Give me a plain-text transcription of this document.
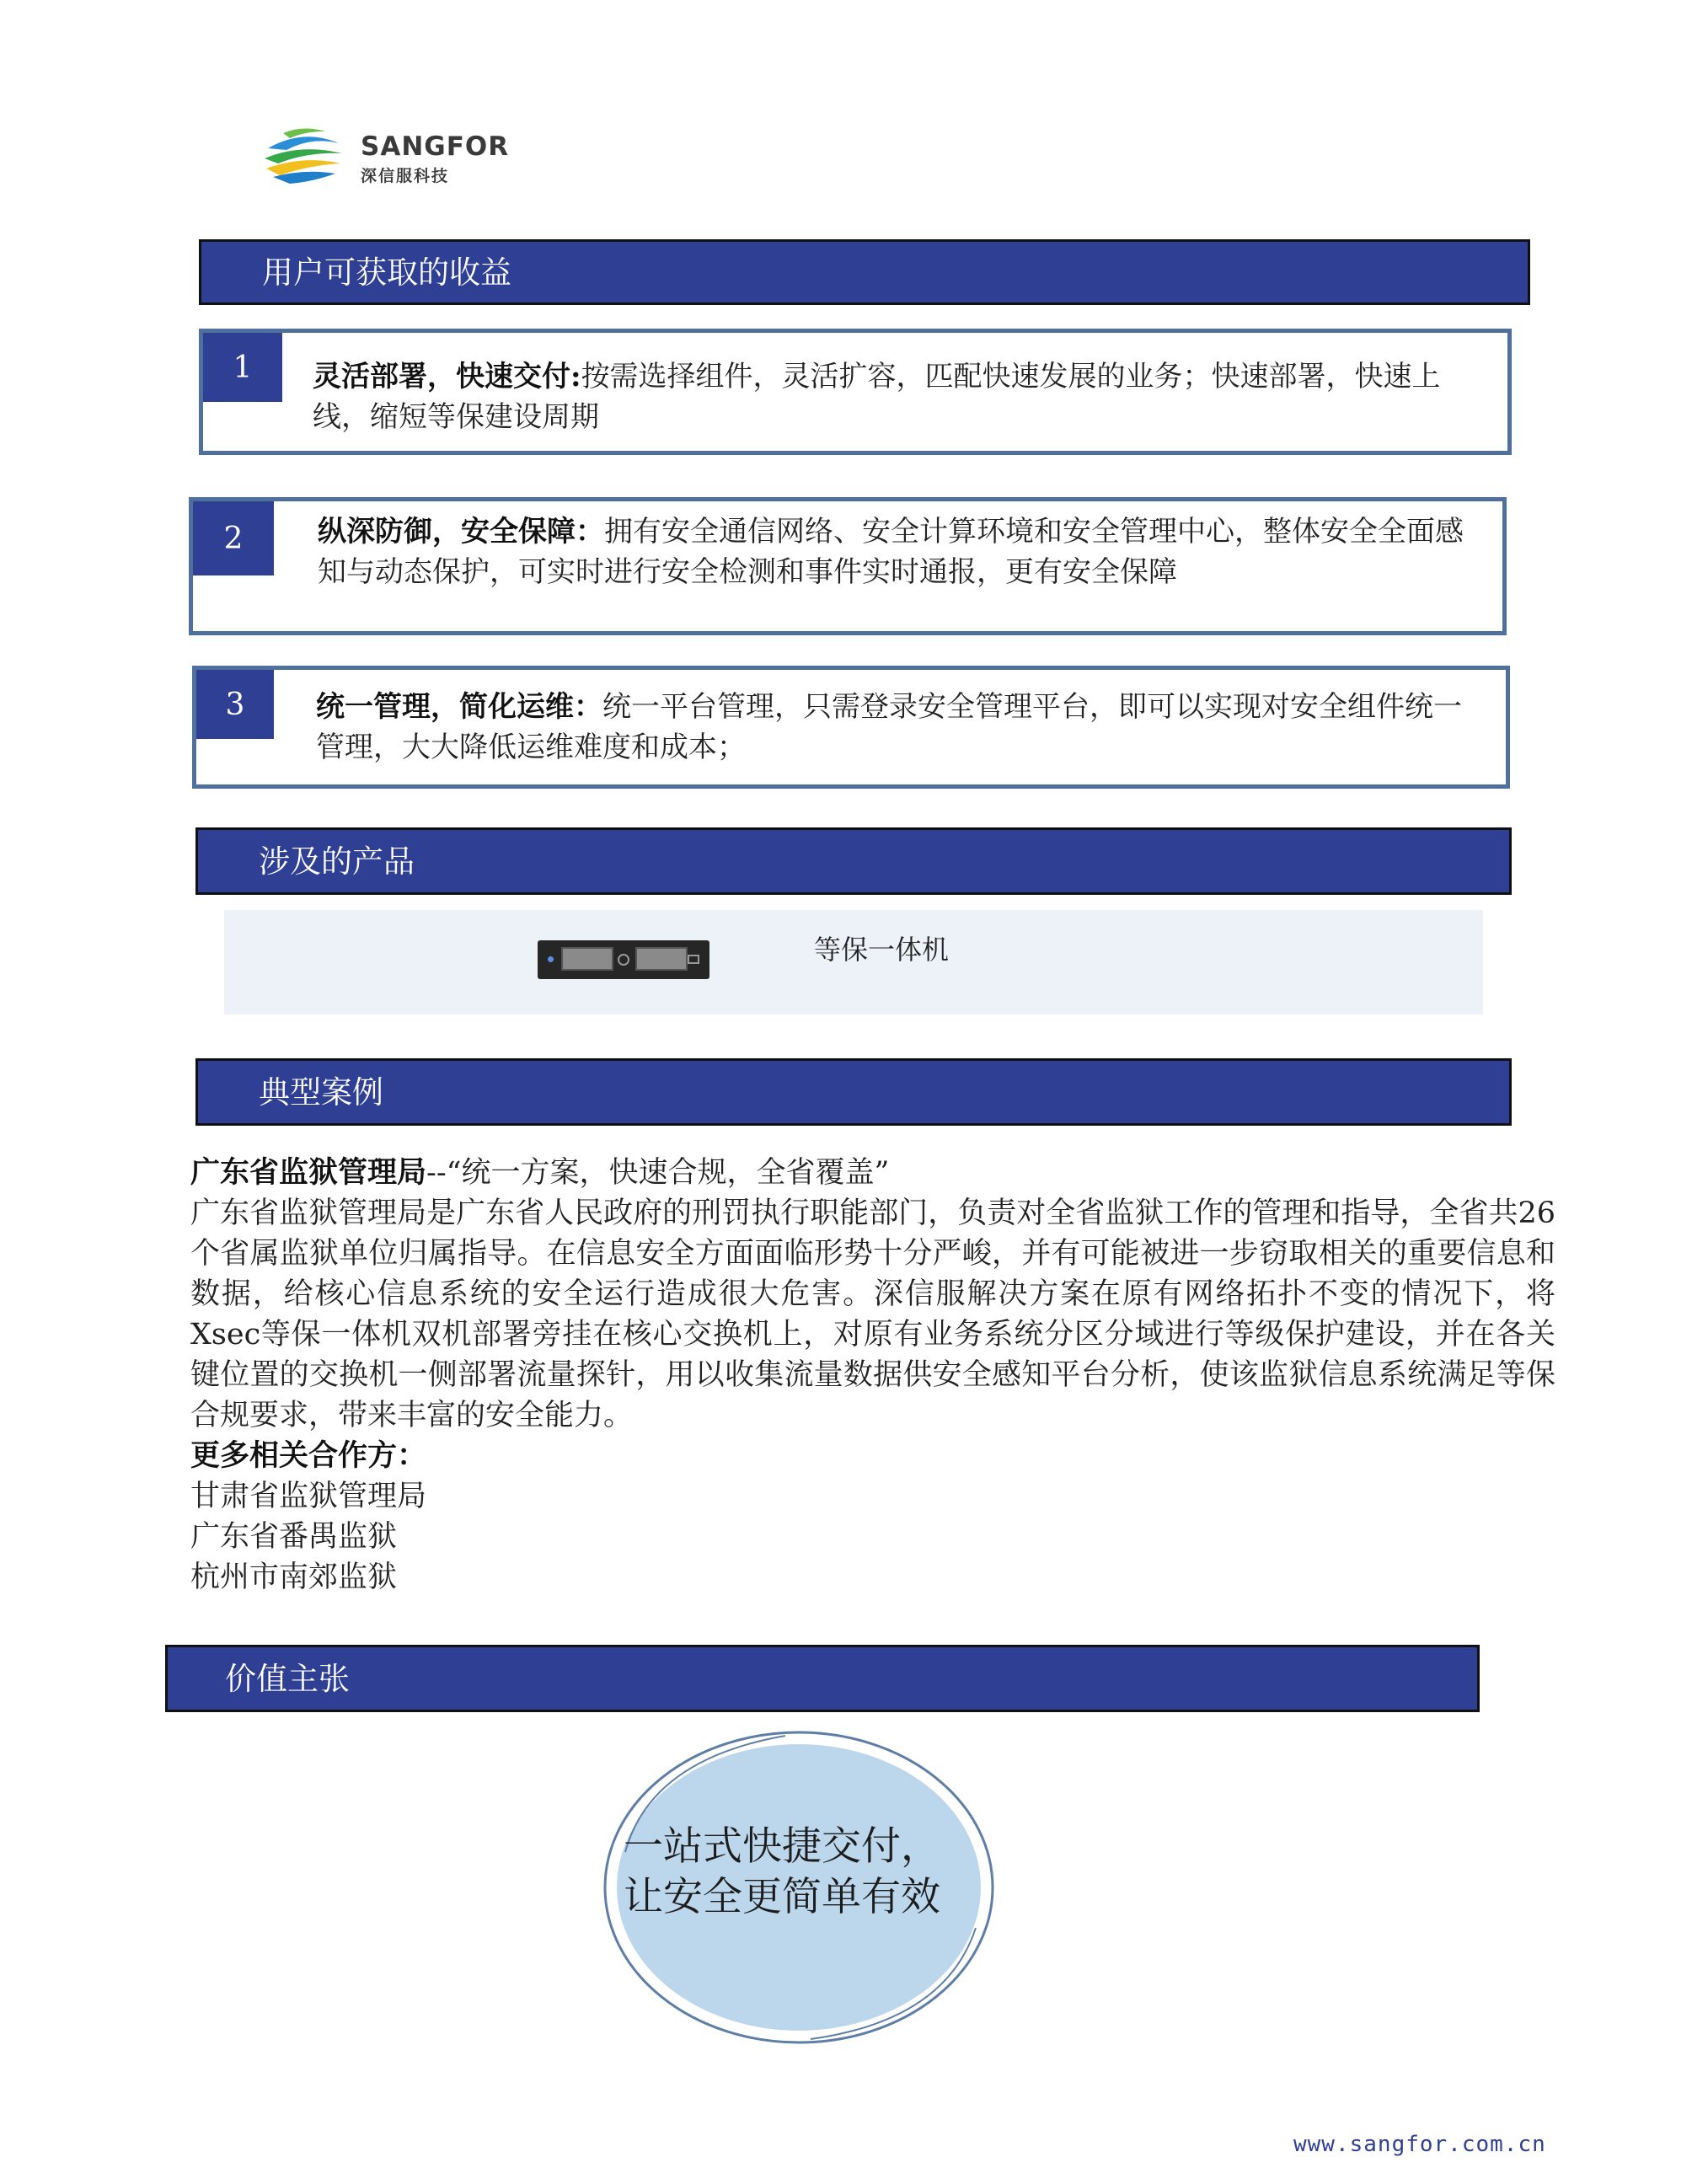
SANGFOR
深信服科技
用户可获取的收益
1	灵活部署，快速交付:按需选择组件，灵活扩容，匹配快速发展的业务；快速部署，快速上线，缩短等保建设周期
2	纵深防御，安全保障：拥有安全通信网络、安全计算环境和安全管理中心，整体安全全面感知与动态保护，可实时进行安全检测和事件实时通报，更有安全保障
3	统一管理，简化运维：统一平台管理，只需登录安全管理平台，即可以实现对安全组件统一管理，大大降低运维难度和成本；
涉及的产品
等保一体机
典型案例

广东省监狱管理局--“统一方案，快速合规，全省覆盖”

广东省监狱管理局是广东省人民政府的刑罚执行职能部门，负责对全省监狱工作的管理和指导，全省共26个省属监狱单位归属指导。在信息安全方面面临形势十分严峻，并有可能被进一步窃取相关的重要信息和数据，给核心信息系统的安全运行造成很大危害。深信服解决方案在原有网络拓扑不变的情况下，将Xsec等保一体机双机部署旁挂在核心交换机上，对原有业务系统分区分域进行等级保护建设，并在各关键位置的交换机一侧部署流量探针，用以收集流量数据供安全感知平台分析，使该监狱信息系统满足等保合规要求，带来丰富的安全能力。

更多相关合作方：

甘肃省监狱管理局

广东省番禺监狱

杭州市南郊监狱

价值主张
一站式快捷交付，
让安全更简单有效
www.sangfor.com.cn
